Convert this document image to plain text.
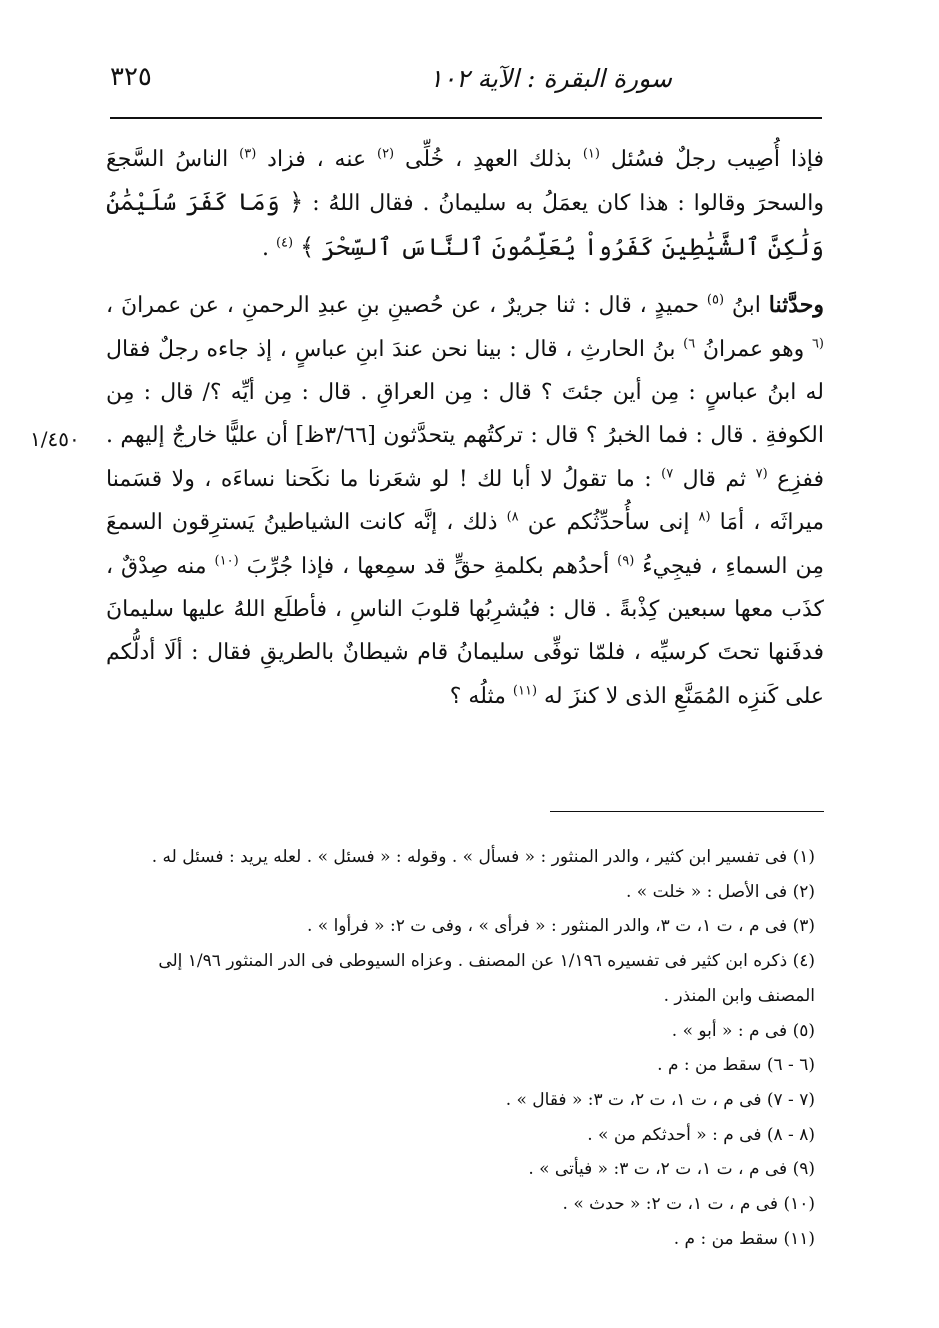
سورة البقرة : الآية ١٠٢
٣٢٥
١/٤٥٠

فإذا أُصِيب رجلٌ فسُئل $^{(١)}$ بذلك العهدِ ، خُلِّى $^{(٢)}$ عنه ، فزاد $^{(٣)}$ الناسُ السَّجعَ والسحرَ وقالوا : هذا كان يعمَلُ به سليمانُ . فقال اللهُ : ﴿ وَمَا كَفَرَ سُلَيْمَٰنُ وَلَٰكِنَّ ٱلشَّيَٰطِينَ كَفَرُواْ يُعَلِّمُونَ ٱلنَّاسَ ٱلسِّحْرَ ﴾ $^{(٤)}$ .

وحدَّثنا ابنُ $^{(٥)}$ حميدٍ ، قال : ثنا جريرٌ ، عن حُصينِ بنِ عبدِ الرحمنِ ، عن عمرانَ ، $^{(٦}$ وهو عمرانُ $^{٦)}$ بنُ الحارثِ ، قال : بينا نحن عندَ ابنِ عباسٍ ، إذ جاءه رجلٌ فقال له ابنُ عباسٍ : مِن أين جئتَ ؟ قال : مِن العراقِ . قال : مِن أيِّه ؟/ قال : مِن الكوفةِ . قال : فما الخبرُ ؟ قال : تركتُهم يتحدَّثون [٣/٦٦ظ] أن عليًّا خارجٌ إليهم . ففزِع $^{(٧}$ ثم قال $^{٧)}$ : ما تقولُ لا أبا لك ! لو شعَرنا ما نكَحنا نساءَه ، ولا قسَمنا ميراثَه ، أمَا $^{(٨}$ إنى سأُحدِّثُكم عن $^{٨)}$ ذلك ، إنَّه كانت الشياطينُ يَسترِقون السمعَ مِن السماءِ ، فيجِيءُ $^{(٩)}$ أحدُهم بكلمةِ حقٍّ قد سمِعها ، فإذا جُرِّبَ $^{(١٠)}$ منه صِدْقٌ ، كذَب معها سبعين كِذْبةً . قال : فيُشرِبُها قلوبَ الناسِ ، فأطلَع اللهُ عليها سليمانَ فدفَنها تحتَ كرسيِّه ، فلمّا توفِّى سليمانُ قام شيطانٌ بالطريقِ فقال : ألَا أدلُّكم على كَنزِه المُمَنَّعِ الذى لا كنزَ له $^{(١١)}$ مثلُه ؟

(١) فى تفسير ابن كثير ، والدر المنثور : « فسأل » . وقوله : « فسئل » . لعله يريد : فسئل له .

(٢) فى الأصل : « خلت » .

(٣) فى م ، ت ١، ت ٣، والدر المنثور : « فرأى » ، وفى ت ٢: « فرأوا » .

(٤) ذكره ابن كثير فى تفسيره ١/١٩٦ عن المصنف . وعزاه السيوطى فى الدر المنثور ١/٩٦ إلى المصنف وابن المنذر .

(٥) فى م : « أبو » .

(٦ - ٦) سقط من : م .

(٧ - ٧) فى م ، ت ١، ت ٢، ت ٣: « فقال » .

(٨ - ٨) فى م : « أحدثكم من » .

(٩) فى م ، ت ١، ت ٢، ت ٣: « فيأتى » .

(١٠) فى م ، ت ١، ت ٢: « حدث » .

(١١) سقط من : م .
